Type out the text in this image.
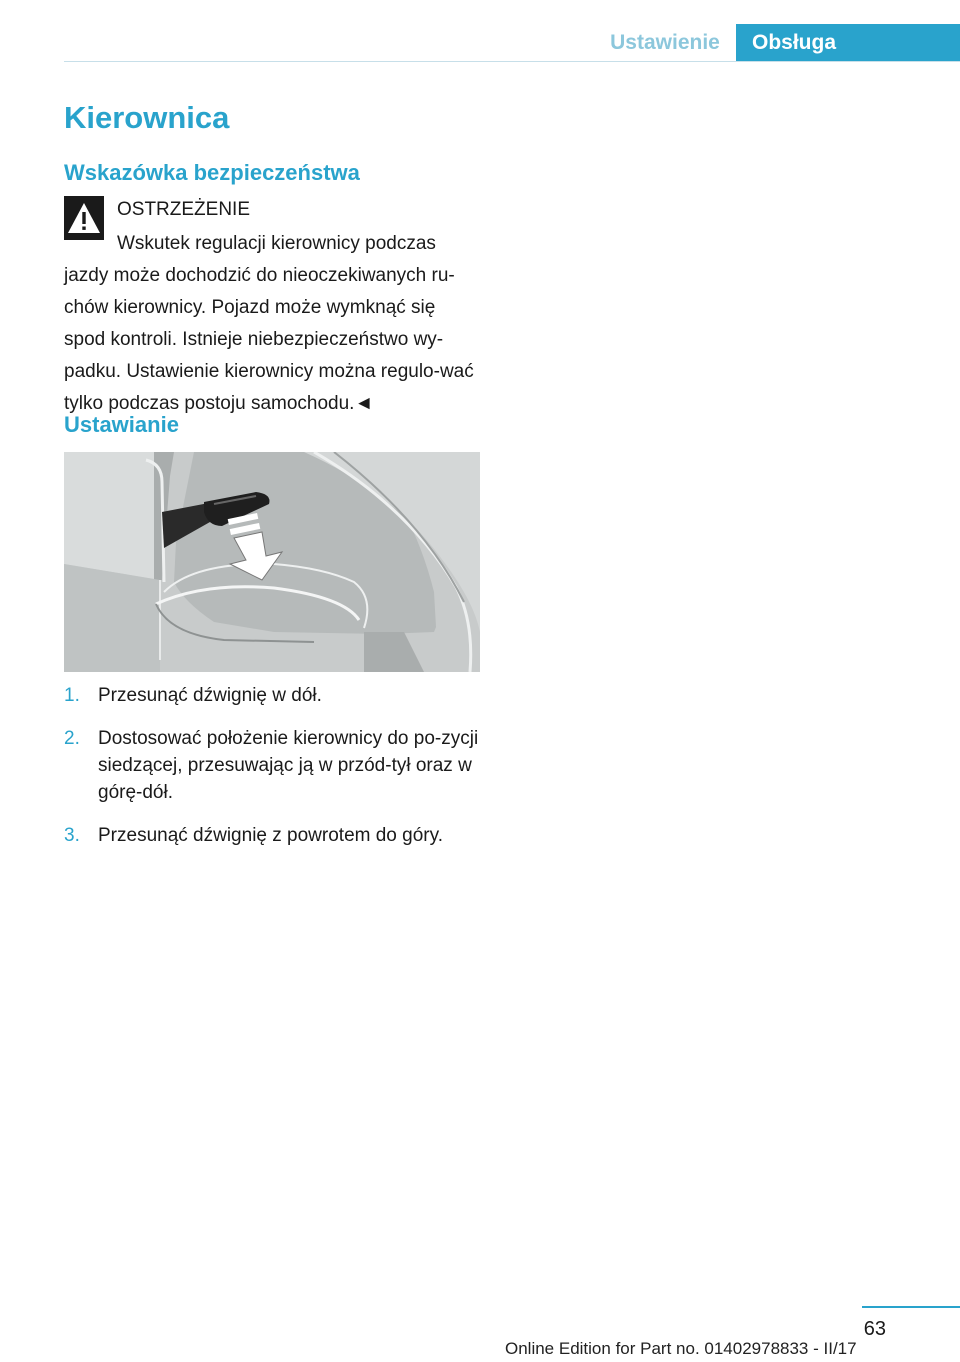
Ustawienie	Obsługa
Kierownica
Wskazówka bezpieczeństwa
OSTRZEŻENIE

Wskutek regulacji kierownicy podczas
jazdy może dochodzić do nieoczekiwanych ru-chów kierownicy. Pojazd może wymknąć się spod kontroli. Istnieje niebezpieczeństwo wy-padku. Ustawienie kierownicy można regulo-wać tylko podczas postoju samochodu.◄

Ustawianie
1. Przesunąć dźwignię w dół.
2. Dostosować położenie kierownicy do po-zycji siedzącej, przesuwając ją w przód-tył oraz w górę-dół.
3. Przesunąć dźwignię z powrotem do góry.
63
Online Edition for Part no. 01402978833 - II/17
